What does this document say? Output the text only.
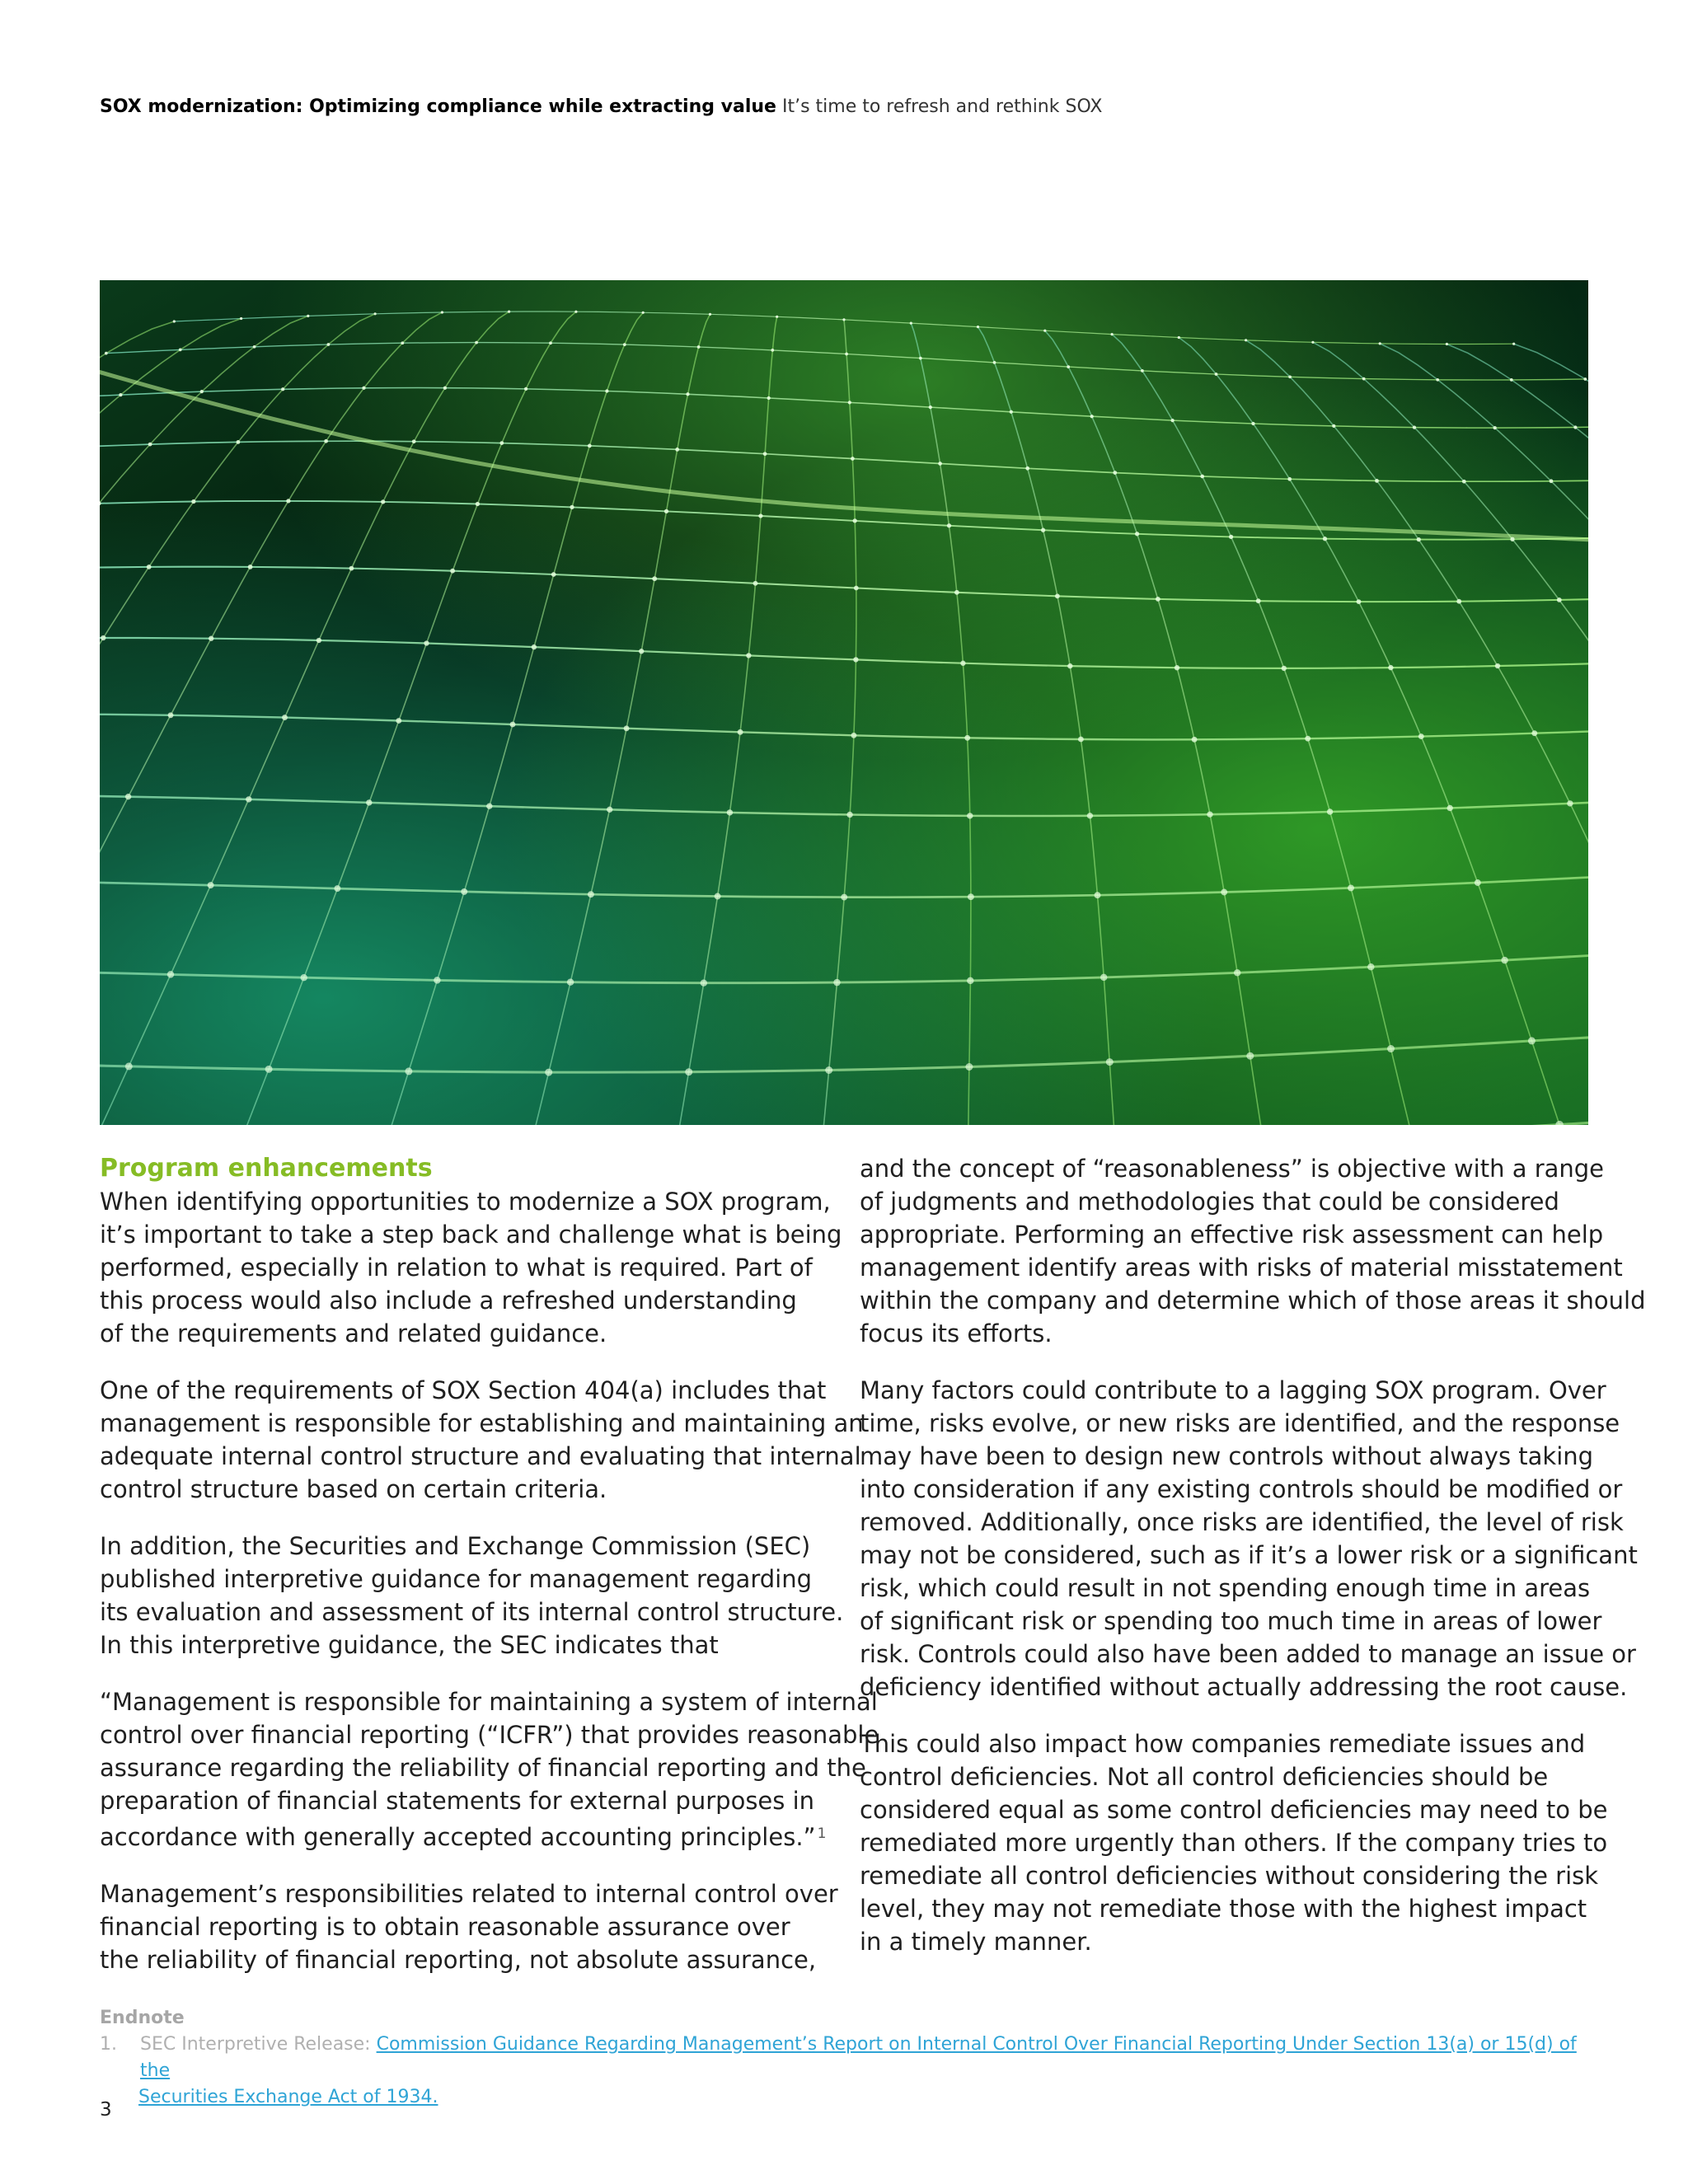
SOX modernization: Optimizing compliance while extracting value It’s time to refresh and rethink SOX
Program enhancements

When identifying opportunities to modernize a SOX program,
it’s important to take a step back and challenge what is being
performed, especially in relation to what is required. Part of
this process would also include a refreshed understanding
of the requirements and related guidance.

One of the requirements of SOX Section 404(a) includes that
management is responsible for establishing and maintaining an
adequate internal control structure and evaluating that internal
control structure based on certain criteria.

In addition, the Securities and Exchange Commission (SEC)
published interpretive guidance for management regarding
its evaluation and assessment of its internal control structure.
In this interpretive guidance, the SEC indicates that

“Management is responsible for maintaining a system of internal
control over financial reporting (“ICFR”) that provides reasonable
assurance regarding the reliability of financial reporting and the
preparation of financial statements for external purposes in
accordance with generally accepted accounting principles.” $^1$

Management’s responsibilities related to internal control over
financial reporting is to obtain reasonable assurance over
the reliability of financial reporting, not absolute assurance,

and the concept of “reasonableness” is objective with a range
of judgments and methodologies that could be considered
appropriate. Performing an effective risk assessment can help
management identify areas with risks of material misstatement
within the company and determine which of those areas it should
focus its efforts.

Many factors could contribute to a lagging SOX program. Over
time, risks evolve, or new risks are identified, and the response
may have been to design new controls without always taking
into consideration if any existing controls should be modified or
removed. Additionally, once risks are identified, the level of risk
may not be considered, such as if it’s a lower risk or a significant
risk, which could result in not spending enough time in areas
of significant risk or spending too much time in areas of lower
risk. Controls could also have been added to manage an issue or
deficiency identified without actually addressing the root cause.

This could also impact how companies remediate issues and
control deficiencies. Not all control deficiencies should be
considered equal as some control deficiencies may need to be
remediated more urgently than others. If the company tries to
remediate all control deficiencies without considering the risk
level, they may not remediate those with the highest impact
in a timely manner.

Endnote
1.	SEC Interpretive Release: Commission Guidance Regarding Management’s Report on Internal Control Over Financial Reporting Under Section 13(a) or 15(d) of the
Securities Exchange Act of 1934.
3
